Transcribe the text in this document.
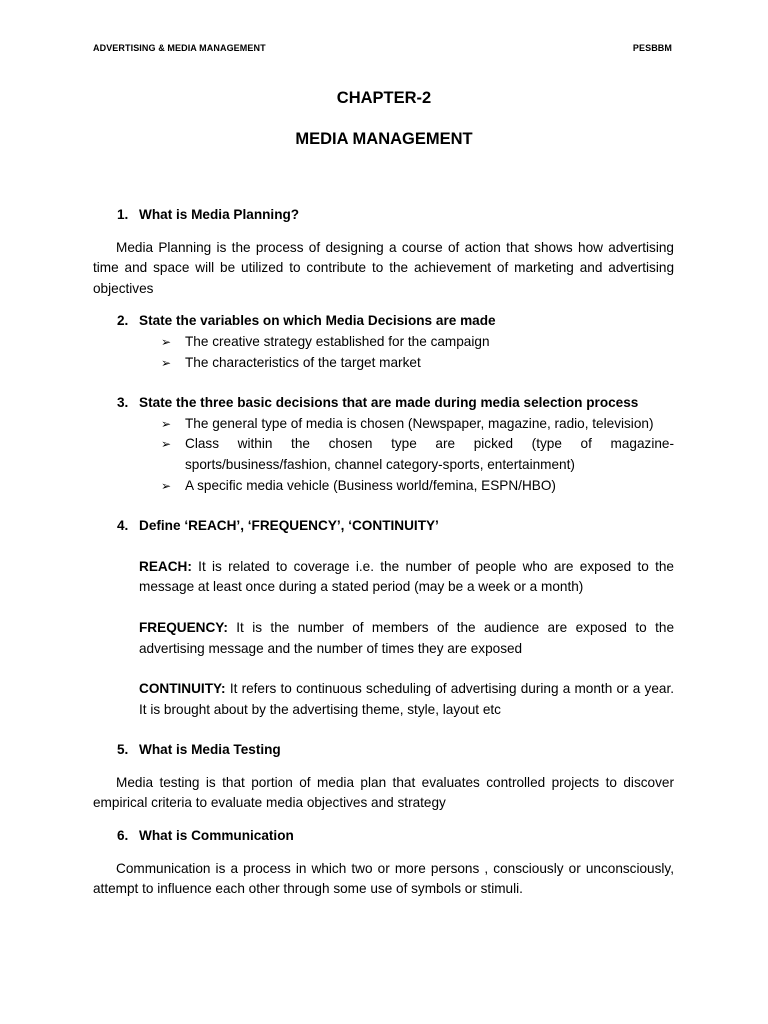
ADVERTISING & MEDIA MANAGEMENT	PESBBM
CHAPTER-2
MEDIA MANAGEMENT
1. What is Media Planning?
Media Planning is the process of designing a course of action that shows how advertising time and space will be utilized to contribute to the achievement of marketing and advertising objectives
2. State the variables on which Media Decisions are made
➢ The creative strategy established for the campaign
➢ The characteristics of the target market
3. State the three basic decisions that are made during media selection process
➢ The general type of media is chosen (Newspaper, magazine, radio, television)
➢ Class within the chosen type are picked (type of magazine-sports/business/fashion, channel category-sports, entertainment)
➢ A specific media vehicle (Business world/femina, ESPN/HBO)
4. Define ‘REACH’, ‘FREQUENCY’, ‘CONTINUITY’
REACH: It is related to coverage i.e. the number of people who are exposed to the message at least once during a stated period (may be a week or a month)
FREQUENCY: It is the number of members of the audience are exposed to the advertising message and the number of times they are exposed
CONTINUITY: It refers to continuous scheduling of advertising during a month or a year. It is brought about by the advertising theme, style, layout etc
5. What is Media Testing
Media testing is that portion of media plan that evaluates controlled projects to discover empirical criteria to evaluate media objectives and strategy
6. What is Communication
Communication is a process in which two or more persons , consciously or unconsciously, attempt to influence each other through some use of symbols or stimuli.
